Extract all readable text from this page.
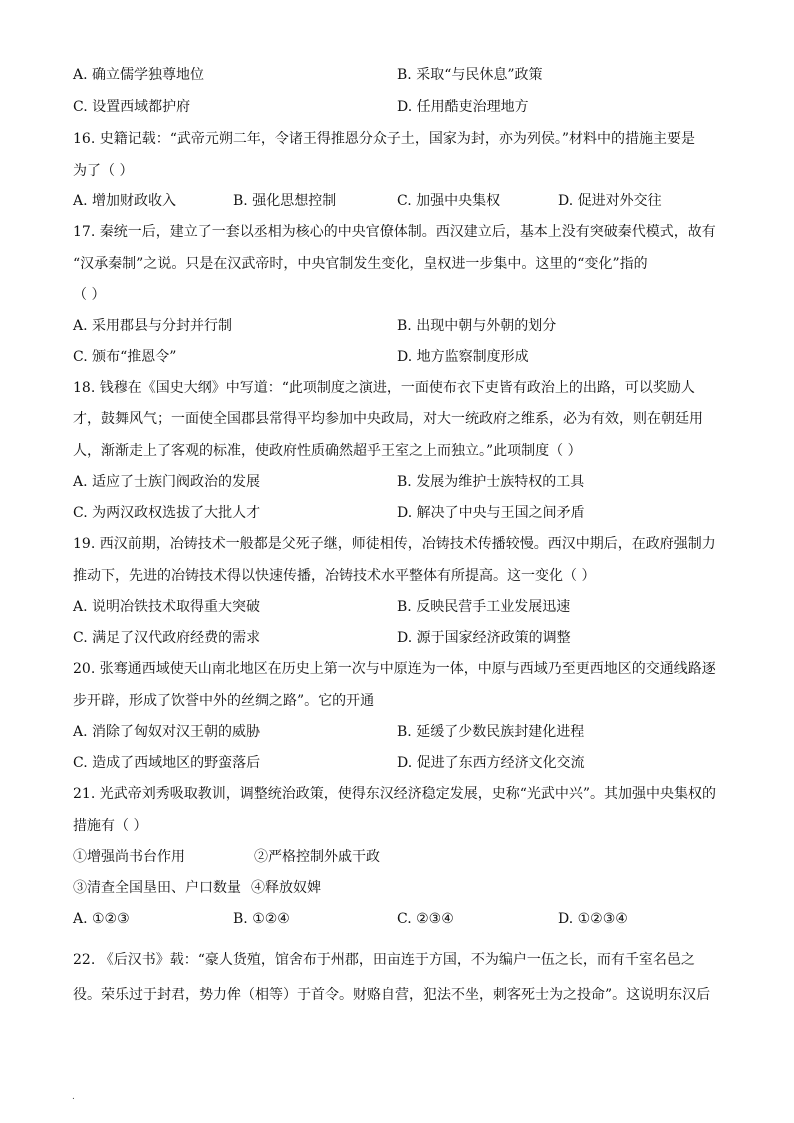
A. 确立儒学独尊地位	B. 采取“与民休息”政策
C. 设置西域都护府	D. 任用酷吏治理地方
16. 史籍记载：“武帝元朔二年，令诸王得推恩分众子土，国家为封，亦为列侯。”材料中的措施主要是
为了（ ）
A. 增加财政收入	B. 强化思想控制	C. 加强中央集权	D. 促进对外交往
17. 秦统一后，建立了一套以丞相为核心的中央官僚体制。西汉建立后，基本上没有突破秦代模式，故有
“汉承秦制”之说。只是在汉武帝时，中央官制发生变化，皇权进一步集中。这里的“变化”指的
（ ）
A. 采用郡县与分封并行制	B. 出现中朝与外朝的划分
C. 颁布“推恩令”	D. 地方监察制度形成
18. 钱穆在《国史大纲》中写道：“此项制度之演进，一面使布衣下吏皆有政治上的出路，可以奖励人
才，鼓舞风气；一面使全国郡县常得平均参加中央政局，对大一统政府之维系，必为有效，则在朝廷用
人，渐渐走上了客观的标准，使政府性质确然超乎王室之上而独立。”此项制度（ ）
A. 适应了士族门阀政治的发展	B. 发展为维护士族特权的工具
C. 为两汉政权选拔了大批人才	D. 解决了中央与王国之间矛盾
19. 西汉前期，冶铸技术一般都是父死子继，师徒相传，冶铸技术传播较慢。西汉中期后，在政府强制力
推动下，先进的冶铸技术得以快速传播，冶铸技术水平整体有所提高。这一变化（ ）
A. 说明冶铁技术取得重大突破	B. 反映民营手工业发展迅速
C. 满足了汉代政府经费的需求	D. 源于国家经济政策的调整
20. 张骞通西域使天山南北地区在历史上第一次与中原连为一体，中原与西域乃至更西地区的交通线路逐
步开辟，形成了饮誉中外的丝绸之路”。它的开通
A. 消除了匈奴对汉王朝的威胁	B. 延缓了少数民族封建化进程
C. 造成了西域地区的野蛮落后	D. 促进了东西方经济文化交流
21. 光武帝刘秀吸取教训，调整统治政策，使得东汉经济稳定发展，史称“光武中兴”。其加强中央集权的
措施有（ ）
①增强尚书台作用	②严格控制外戚干政
③清查全国垦田、户口数量 ④释放奴婢
A. ①②③	B. ①②④	C. ②③④	D. ①②③④
22. 《后汉书》载：“豪人货殖，馆舍布于州郡，田亩连于方国，不为编户一伍之长，而有千室名邑之
役。荣乐过于封君，势力侔（相等）于首令。财赂自营，犯法不坐，刺客死士为之投命”。这说明东汉后
.
